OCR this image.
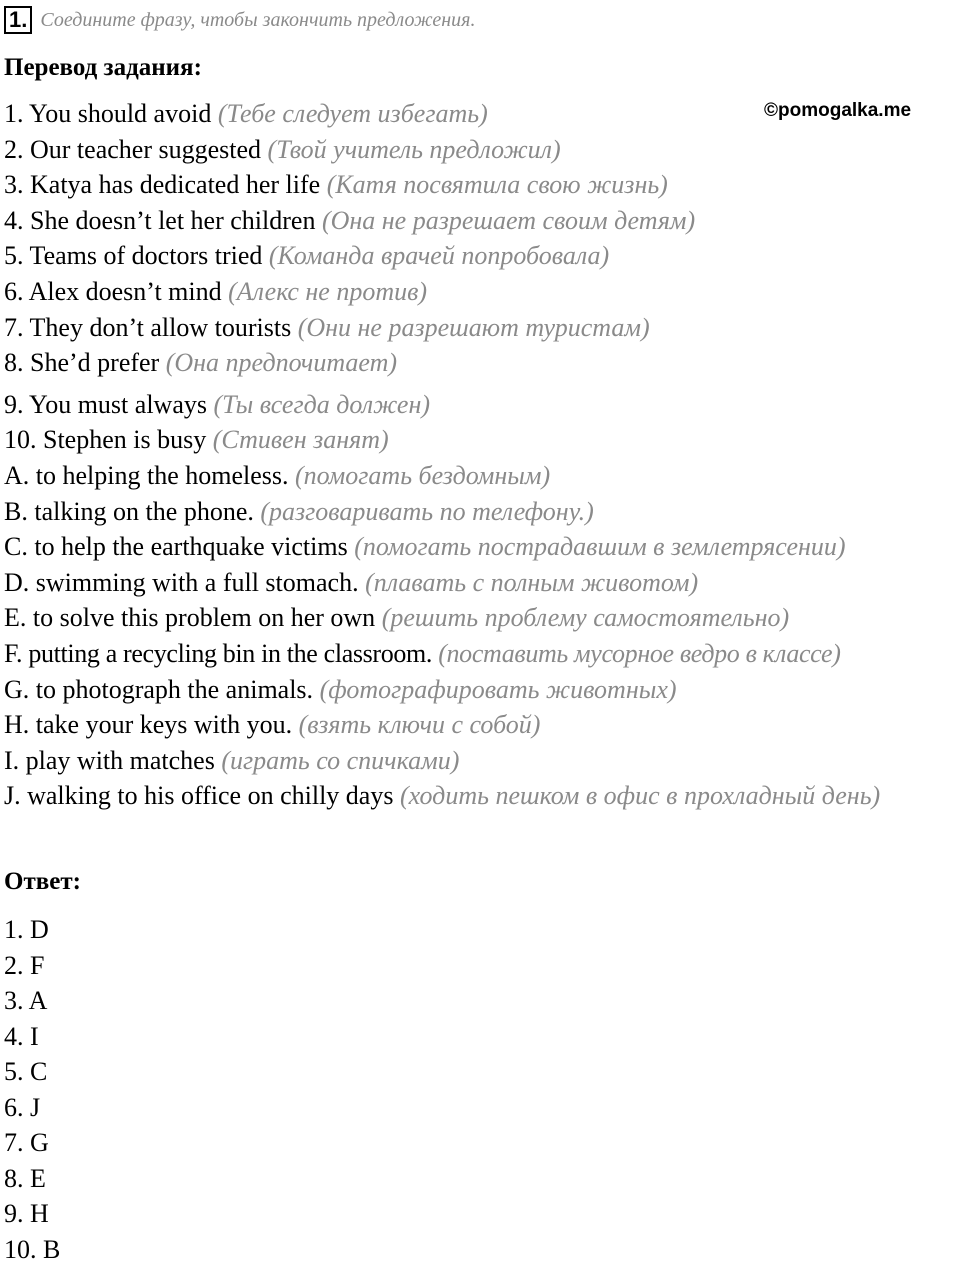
1. Соедините фразу, чтобы закончить предложения.
Перевод задания:
©pomogalka.me
1. You should avoid (Тебе следует избегать)
2. Our teacher suggested (Твой учитель предложил)
3. Katya has dedicated her life (Катя посвятила свою жизнь)
4. She doesn’t let her children (Она не разрешает своим детям)
5. Teams of doctors tried (Команда врачей попробовала)
6. Alex doesn’t mind (Алекс не против)
7. They don’t allow tourists (Они не разрешают туристам)
8. She’d prefer (Она предпочитает)
9. You must always (Ты всегда должен)
10. Stephen is busy (Стивен занят)
A. to helping the homeless. (помогать бездомным)
B. talking on the phone. (разговаривать по телефону.)
C. to help the earthquake victims (помогать пострадавшим в землетрясении)
D. swimming with a full stomach. (плавать с полным животом)
E. to solve this problem on her own (решить проблему самостоятельно)
F. putting a recycling bin in the classroom. (поставить мусорное ведро в классе)
G. to photograph the animals. (фотографировать животных)
H. take your keys with you. (взять ключи с собой)
I. play with matches (играть со спичками)
J. walking to his office on chilly days (ходить пешком в офис в прохладный день)
Ответ:
1. D
2. F
3. A
4. I
5. C
6. J
7. G
8. E
9. H
10. B
